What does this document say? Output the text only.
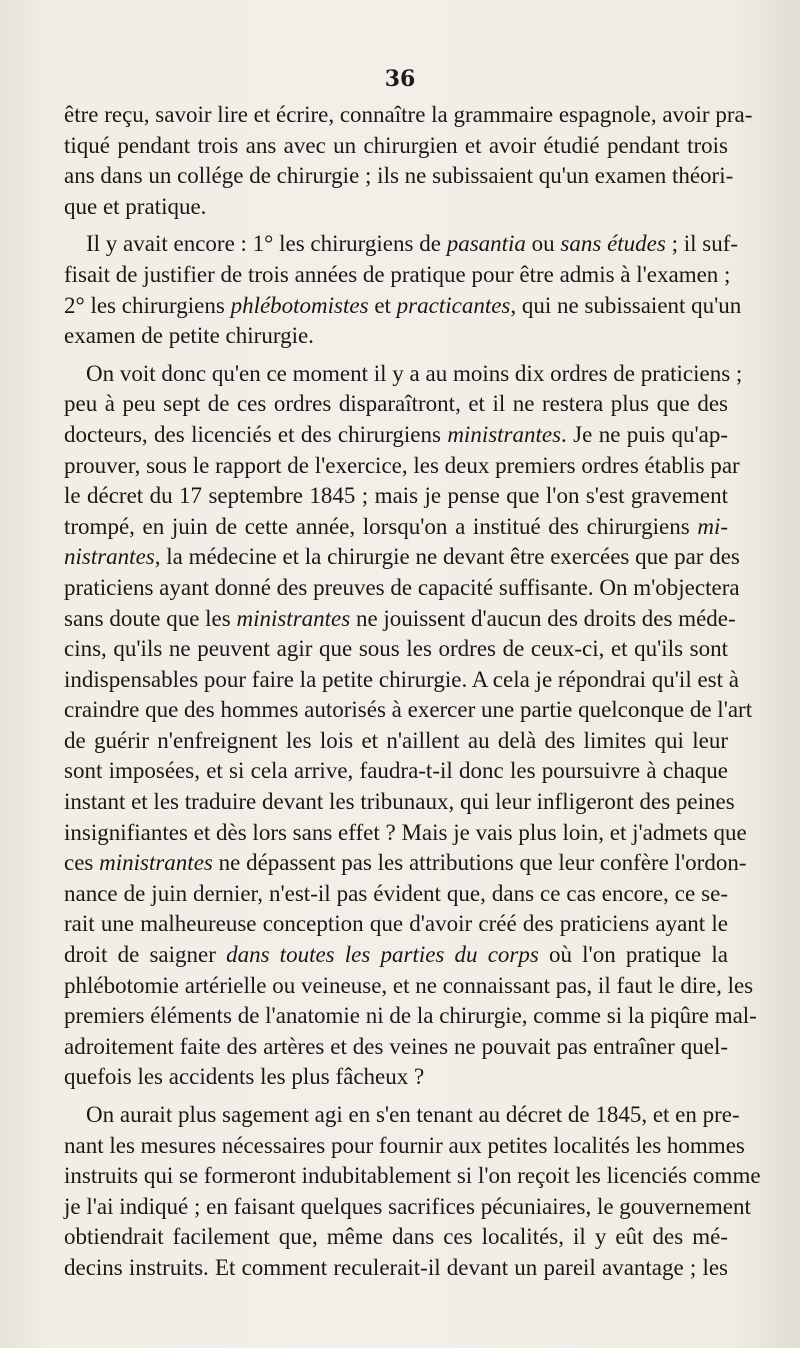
36
être reçu, savoir lire et écrire, connaître la grammaire espagnole, avoir pra-
tiqué pendant trois ans avec un chirurgien et avoir étudié pendant trois
ans dans un collége de chirurgie ; ils ne subissaient qu'un examen théori-
que et pratique.
Il y avait encore : 1° les chirurgiens de pasantia ou sans études ; il suf-
fisait de justifier de trois années de pratique pour être admis à l'examen ;
2° les chirurgiens phlébotomistes et practicantes, qui ne subissaient qu'un
examen de petite chirurgie.
On voit donc qu'en ce moment il y a au moins dix ordres de praticiens ;
peu à peu sept de ces ordres disparaîtront, et il ne restera plus que des
docteurs, des licenciés et des chirurgiens ministrantes. Je ne puis qu'ap-
prouver, sous le rapport de l'exercice, les deux premiers ordres établis par
le décret du 17 septembre 1845 ; mais je pense que l'on s'est gravement
trompé, en juin de cette année, lorsqu'on a institué des chirurgiens mi-
nistrantes, la médecine et la chirurgie ne devant être exercées que par des
praticiens ayant donné des preuves de capacité suffisante. On m'objectera
sans doute que les ministrantes ne jouissent d'aucun des droits des méde-
cins, qu'ils ne peuvent agir que sous les ordres de ceux-ci, et qu'ils sont
indispensables pour faire la petite chirurgie. A cela je répondrai qu'il est à
craindre que des hommes autorisés à exercer une partie quelconque de l'art
de guérir n'enfreignent les lois et n'aillent au delà des limites qui leur
sont imposées, et si cela arrive, faudra-t-il donc les poursuivre à chaque
instant et les traduire devant les tribunaux, qui leur infligeront des peines
insignifiantes et dès lors sans effet ? Mais je vais plus loin, et j'admets que
ces ministrantes ne dépassent pas les attributions que leur confère l'ordon-
nance de juin dernier, n'est-il pas évident que, dans ce cas encore, ce se-
rait une malheureuse conception que d'avoir créé des praticiens ayant le
droit de saigner dans toutes les parties du corps où l'on pratique la
phlébotomie artérielle ou veineuse, et ne connaissant pas, il faut le dire, les
premiers éléments de l'anatomie ni de la chirurgie, comme si la piqûre mal-
adroitement faite des artères et des veines ne pouvait pas entraîner quel-
quefois les accidents les plus fâcheux ?
On aurait plus sagement agi en s'en tenant au décret de 1845, et en pre-
nant les mesures nécessaires pour fournir aux petites localités les hommes
instruits qui se formeront indubitablement si l'on reçoit les licenciés comme
je l'ai indiqué ; en faisant quelques sacrifices pécuniaires, le gouvernement
obtiendrait facilement que, même dans ces localités, il y eût des mé-
decins instruits. Et comment reculerait-il devant un pareil avantage ; les
